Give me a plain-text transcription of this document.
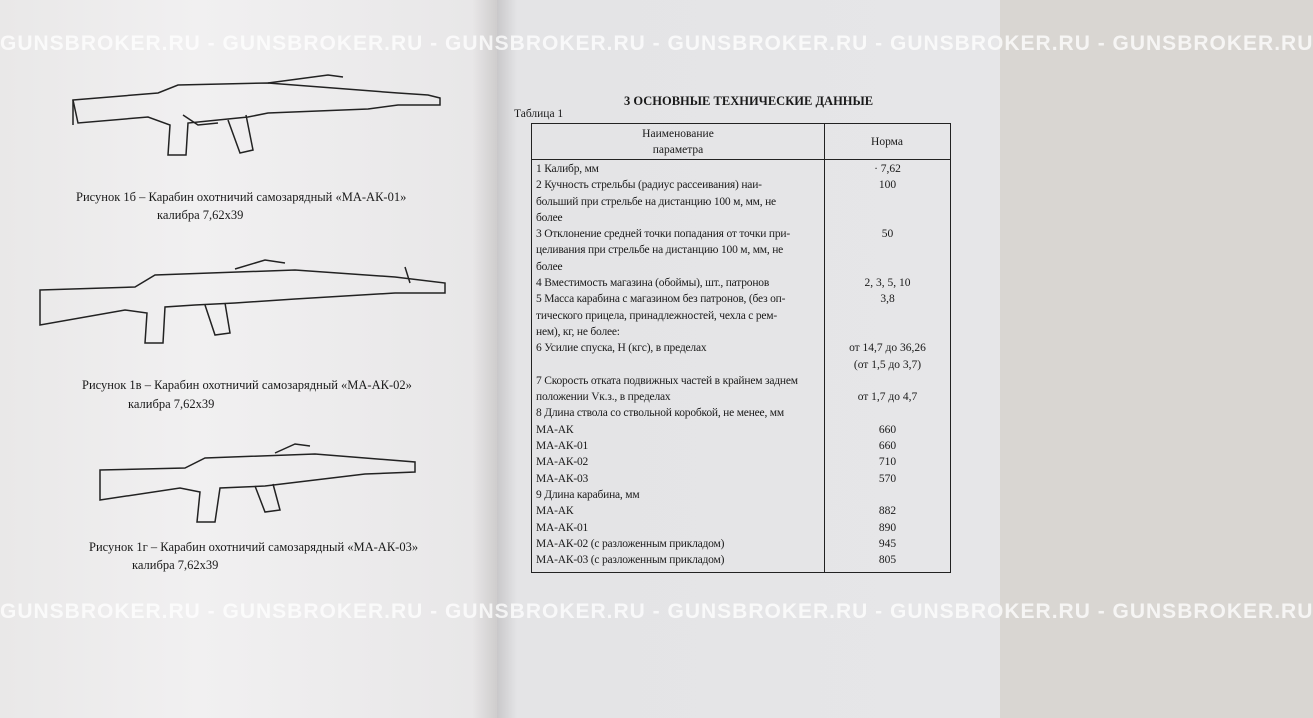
Рисунок 1б – Карабин охотничий самозарядный «МА-АК-01»
калибра 7,62х39
Рисунок 1в – Карабин охотничий самозарядный «МА-АК-02»
калибра 7,62х39
Рисунок 1г – Карабин охотничий самозарядный «МА-АК-03»
калибра 7,62х39
3 ОСНОВНЫЕ ТЕХНИЧЕСКИЕ ДАННЫЕ
Таблица 1
Наименование
параметра
Норма
1 Калибр, мм
2 Кучность стрельбы (радиус рассеивания) наи-
больший при стрельбе на дистанцию 100 м, мм, не
более
3 Отклонение средней точки попадания от точки при-
целивания при стрельбе на дистанцию 100 м, мм, не
более
4 Вместимость магазина (обоймы), шт., патронов
5 Масса карабина с магазином без патронов, (без оп-
тического прицела, принадлежностей, чехла с рем-
нем), кг, не более:
6 Усилие спуска, Н (кгс), в пределах
7 Скорость отката подвижных частей в крайнем заднем
положении Vк.з., в пределах
8 Длина ствола со ствольной коробкой, не менее, мм
МА-АК
МА-АК-01
МА-АК-02
МА-АК-03
9 Длина карабина, мм
МА-АК
МА-АК-01
МА-АК-02 (с разложенным прикладом)
МА-АК-03 (с разложенным прикладом)
· 7,62
100
50
2, 3, 5, 10
3,8
от 14,7 до 36,26
(от 1,5 до 3,7)
от 1,7 до 4,7
660
660
710
570
882
890
945
805
GUNSBROKER.RU - GUNSBROKER.RU - GUNSBROKER.RU - GUNSBROKER.RU - GUNSBROKER.RU - GUNSBROKER.RU
GUNSBROKER.RU - GUNSBROKER.RU - GUNSBROKER.RU - GUNSBROKER.RU - GUNSBROKER.RU - GUNSBROKER.RU
